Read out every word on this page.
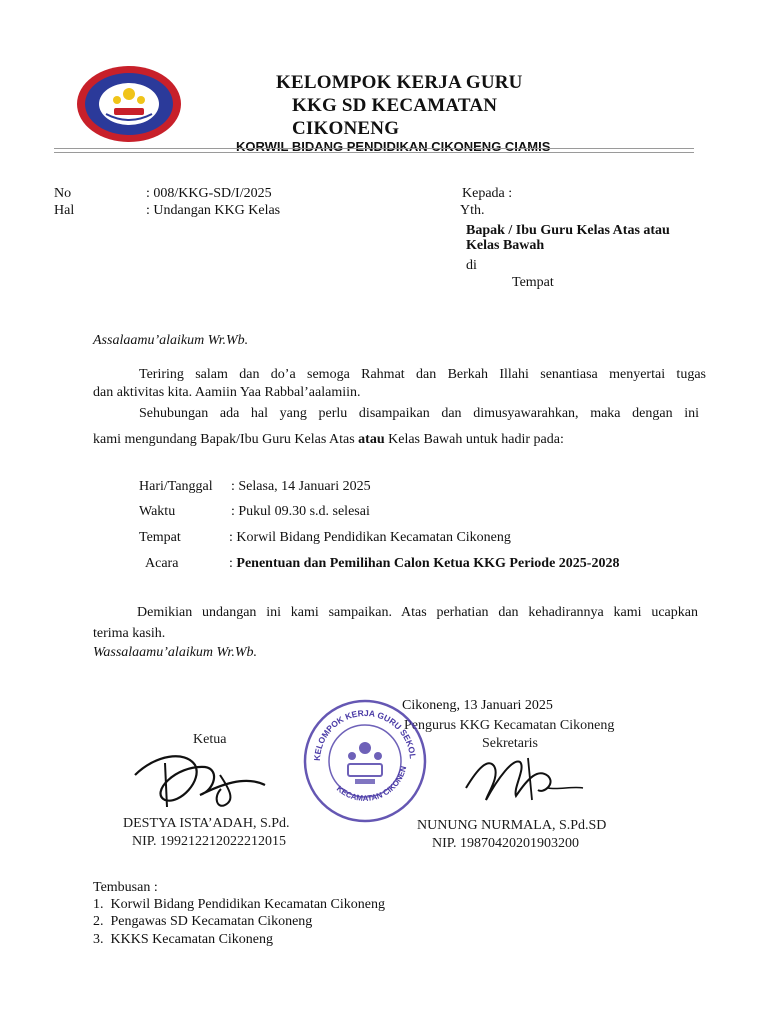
KELOMPOK KERJA GURU
KKG SD KECAMATAN
CIKONENG
KORWIL BIDANG PENDIDIKAN CIKONENG CIAMIS
No	: 008/KKG-SD/I/2025
Hal	: Undangan KKG Kelas
Kepada :
Yth.
Bapak / Ibu Guru Kelas Atas atau
Kelas Bawah
di
Tempat
Assalaamu’alaikum Wr.Wb.
Teriring salam dan do’a semoga Rahmat dan Berkah Illahi senantiasa menyertai tugas
dan aktivitas kita. Aamiin Yaa Rabbal’aalamiin.
Sehubungan ada hal yang perlu disampaikan dan dimusyawarahkan, maka dengan ini
kami mengundang Bapak/Ibu Guru Kelas Atas atau Kelas Bawah untuk hadir pada:
Hari/Tanggal : Selasa, 14 Januari 2025
Waktu	: Pukul 09.30 s.d. selesai
Tempat	: Korwil Bidang Pendidikan Kecamatan Cikoneng
Acara	: Penentuan dan Pemilihan Calon Ketua KKG Periode 2025-2028
Demikian undangan ini kami sampaikan. Atas perhatian dan kehadirannya kami ucapkan
terima kasih.
Wassalaamu’alaikum Wr.Wb.
Cikoneng, 13 Januari 2025
Pengurus KKG Kecamatan Cikoneng
Sekretaris
Ketua
KELOMPOK KERJA GURU SEKOL
KECAMATAN CIKONEN
DESTYA ISTA’ADAH, S.Pd.
NIP. 199212212022212015
NUNUNG NURMALA, S.Pd.SD
NIP. 19870420201903200
Tembusan :
1.  Korwil Bidang Pendidikan Kecamatan Cikoneng
2.  Pengawas SD Kecamatan Cikoneng
3.  KKKS Kecamatan Cikoneng
